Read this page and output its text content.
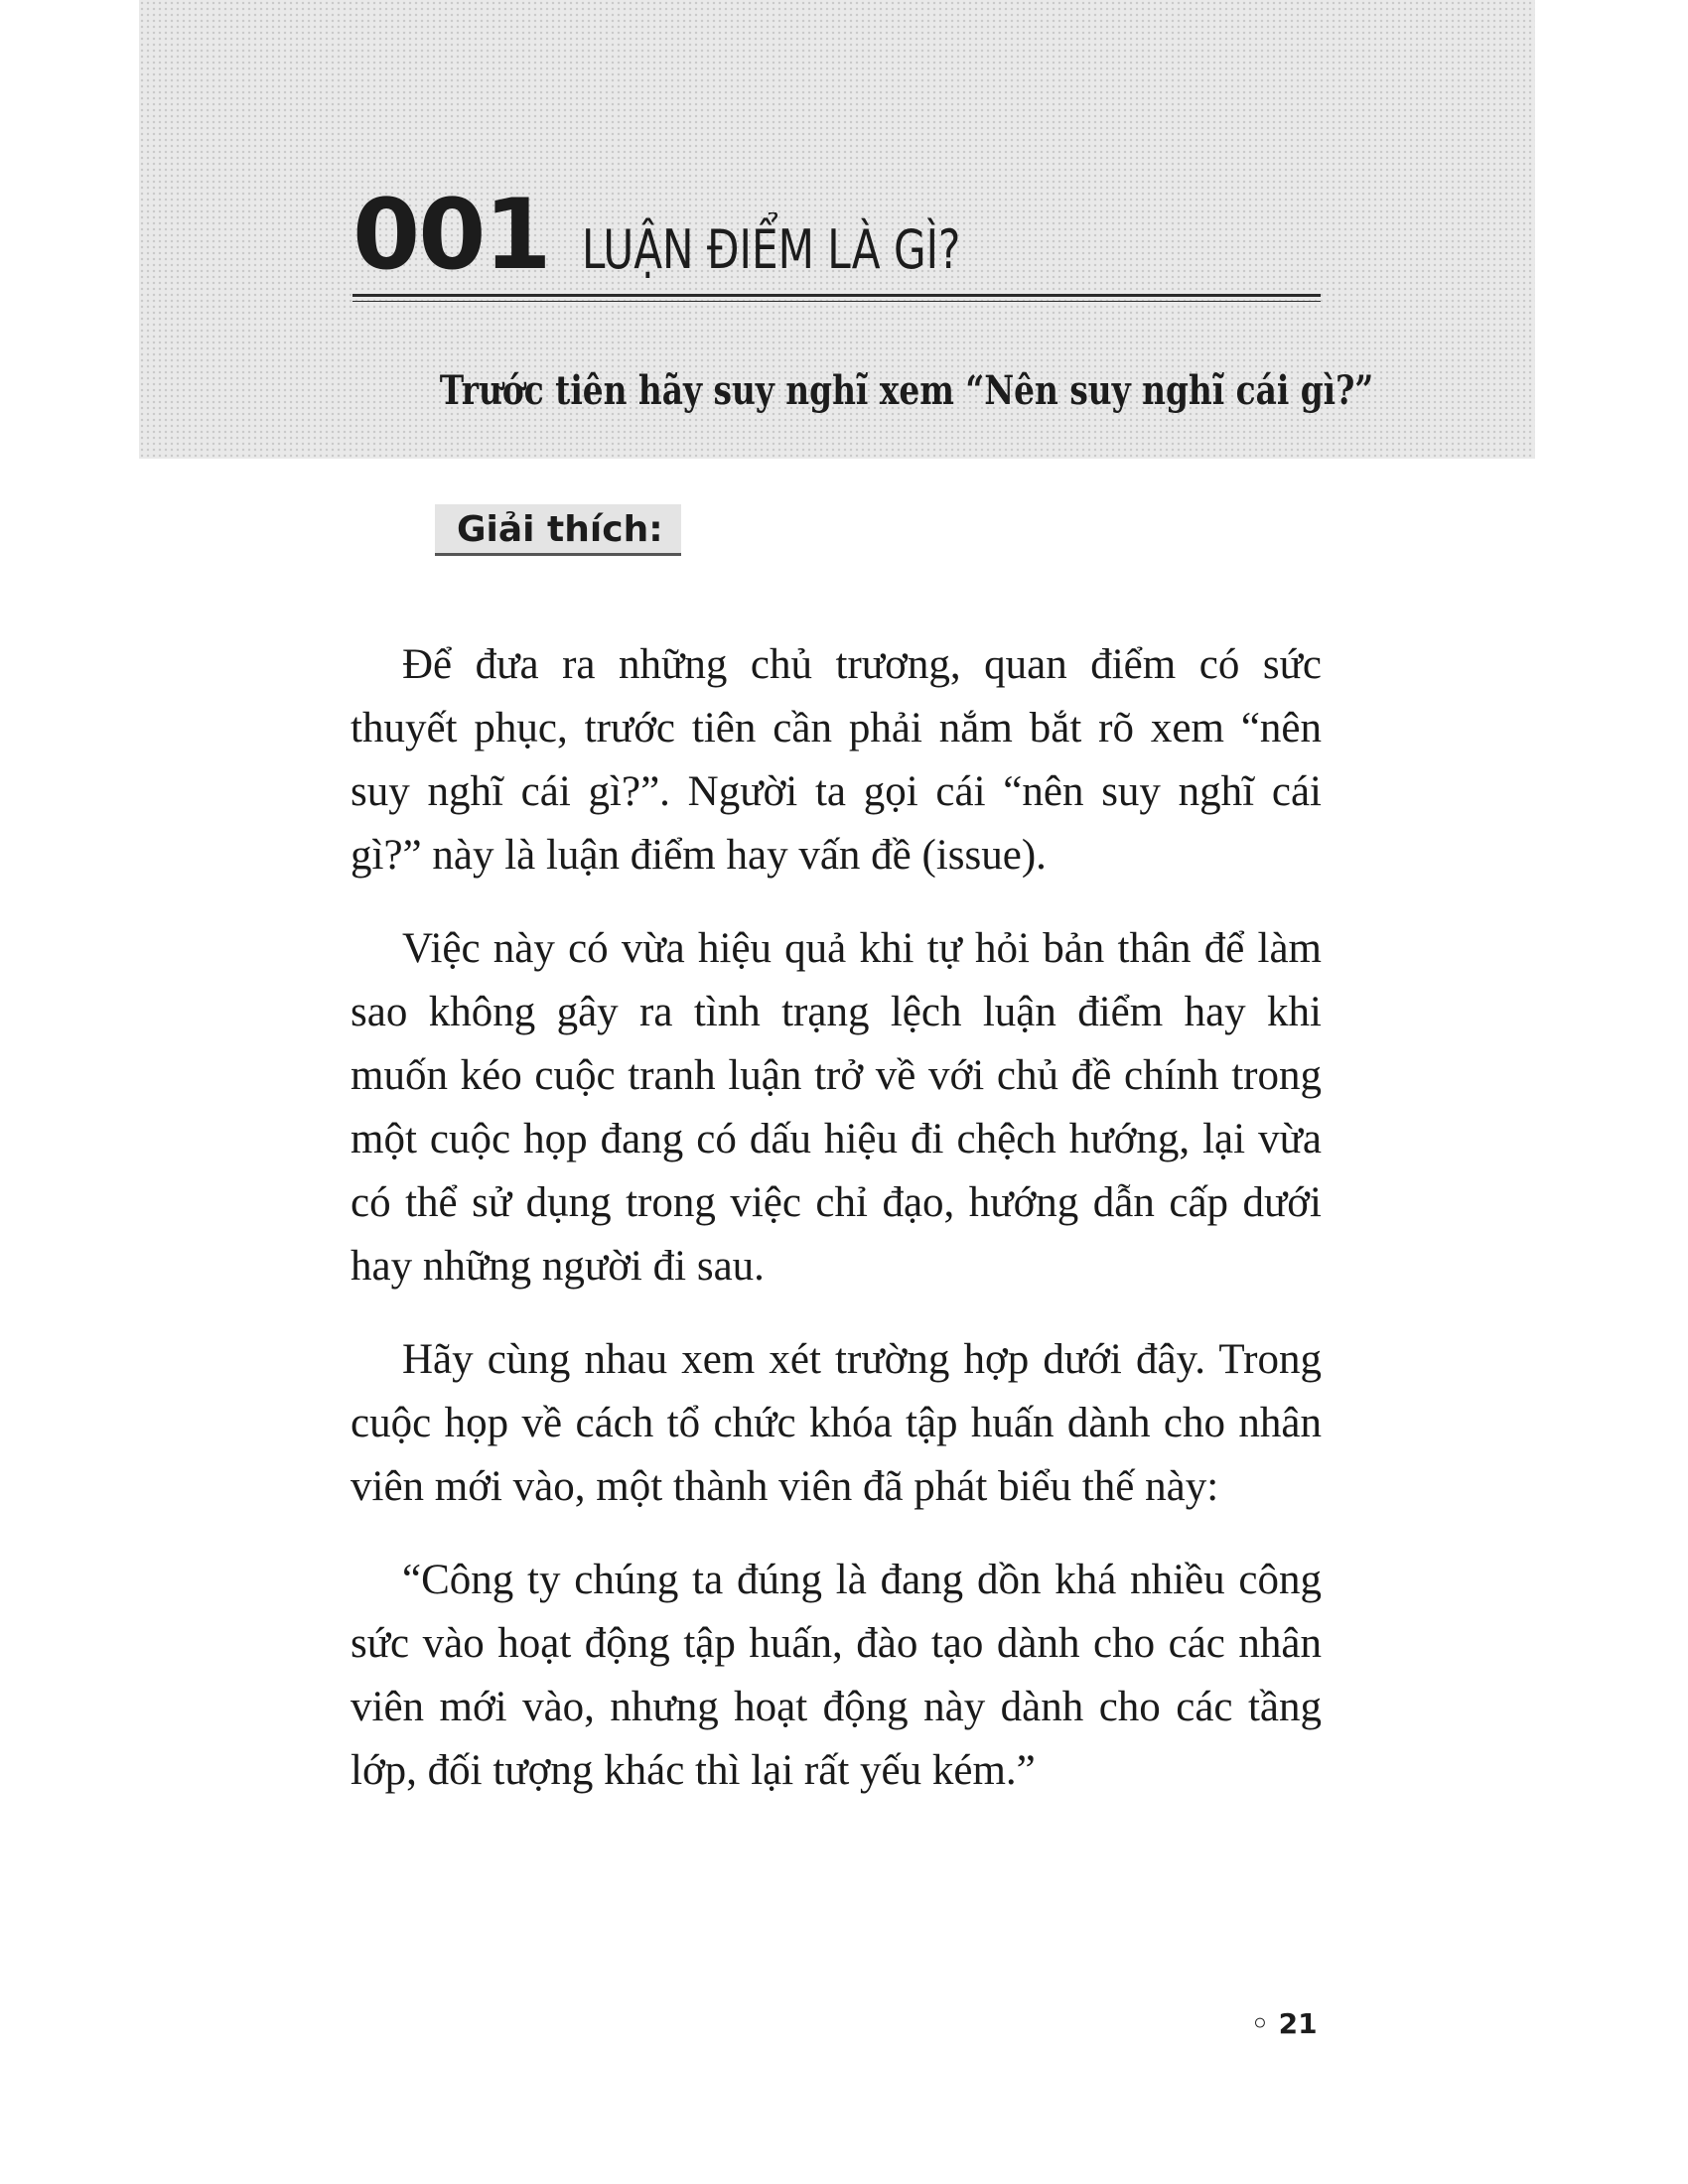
001 LUẬN ĐIỂM LÀ GÌ?
Trước tiên hãy suy nghĩ xem “Nên suy nghĩ cái gì?”
Giải thích:

Để đưa ra những chủ trương, quan điểm có sức thuyết phục, trước tiên cần phải nắm bắt rõ xem “nên suy nghĩ cái gì?”. Người ta gọi cái “nên suy nghĩ cái gì?” này là luận điểm hay vấn đề (issue).

Việc này có vừa hiệu quả khi tự hỏi bản thân để làm sao không gây ra tình trạng lệch luận điểm hay khi muốn kéo cuộc tranh luận trở về với chủ đề chính trong một cuộc họp đang có dấu hiệu đi chệch hướng, lại vừa có thể sử dụng trong việc chỉ đạo, hướng dẫn cấp dưới hay những người đi sau.

Hãy cùng nhau xem xét trường hợp dưới đây. Trong cuộc họp về cách tổ chức khóa tập huấn dành cho nhân viên mới vào, một thành viên đã phát biểu thế này:

“Công ty chúng ta đúng là đang dồn khá nhiều công sức vào hoạt động tập huấn, đào tạo dành cho các nhân viên mới vào, nhưng hoạt động này dành cho các tầng lớp, đối tượng khác thì lại rất yếu kém.”

◦ 21
